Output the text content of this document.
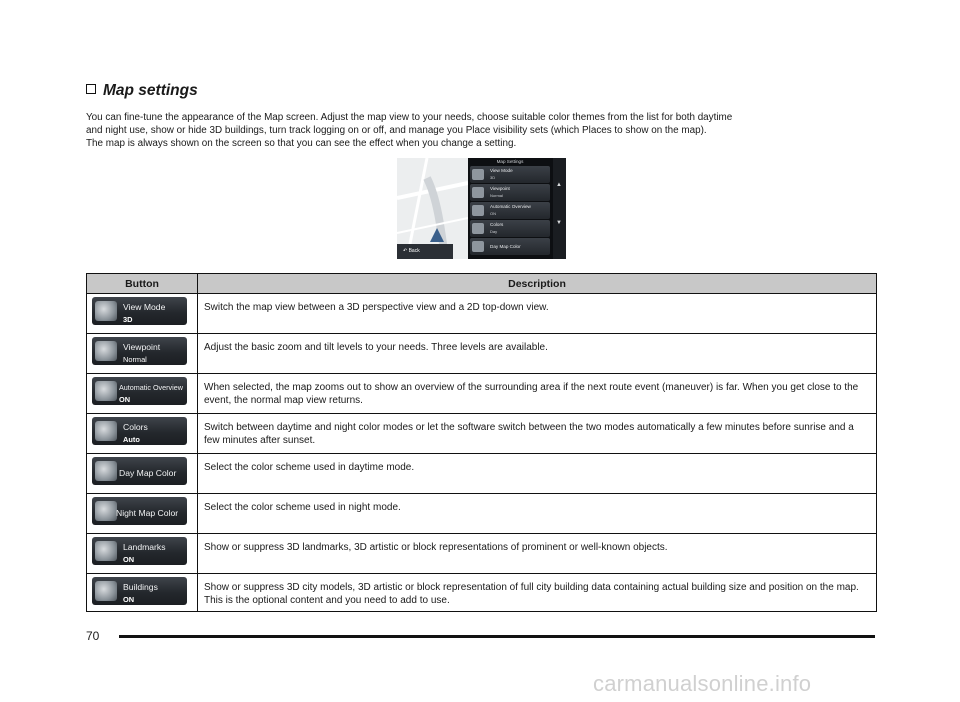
Map settings

You can fine-tune the appearance of the Map screen. Adjust the map view to your needs, choose suitable color themes from the list for both daytime

and night use, show or hide 3D buildings, turn track logging on or off, and manage you Place visibility sets (which Places to show on the map).

The map is always shown on the screen so that you can see the effect when you change a setting.

↶ Back
Map Settings
View Mode
3D
Viewpoint
Normal
Automatic Overview
ON
Colors
Day
Day Map Color
▲
▼
Button	Description

View Mode
3D	Switch the map view between a 3D perspective view and a 2D top-down view.

Viewpoint
Normal	Adjust the basic zoom and tilt levels to your needs. Three levels are available.

Automatic Overview
ON	When selected, the map zooms out to show an overview of the surrounding area if the next route event (maneuver) is far. When you get close to the event, the normal map view returns.

Colors
Auto	Switch between daytime and night color modes or let the software switch between the two modes automatically a few minutes before sunrise and a few minutes after sunset.

Day Map Color	Select the color scheme used in daytime mode.

Night Map Color	Select the color scheme used in night mode.

Landmarks
ON	Show or suppress 3D landmarks, 3D artistic or block representations of prominent or well-known objects.

Buildings
ON	Show or suppress 3D city models, 3D artistic or block representation of full city building data containing actual building size and position on the map. This is the optional content and you need to add to use.
70
carmanualsonline.info
